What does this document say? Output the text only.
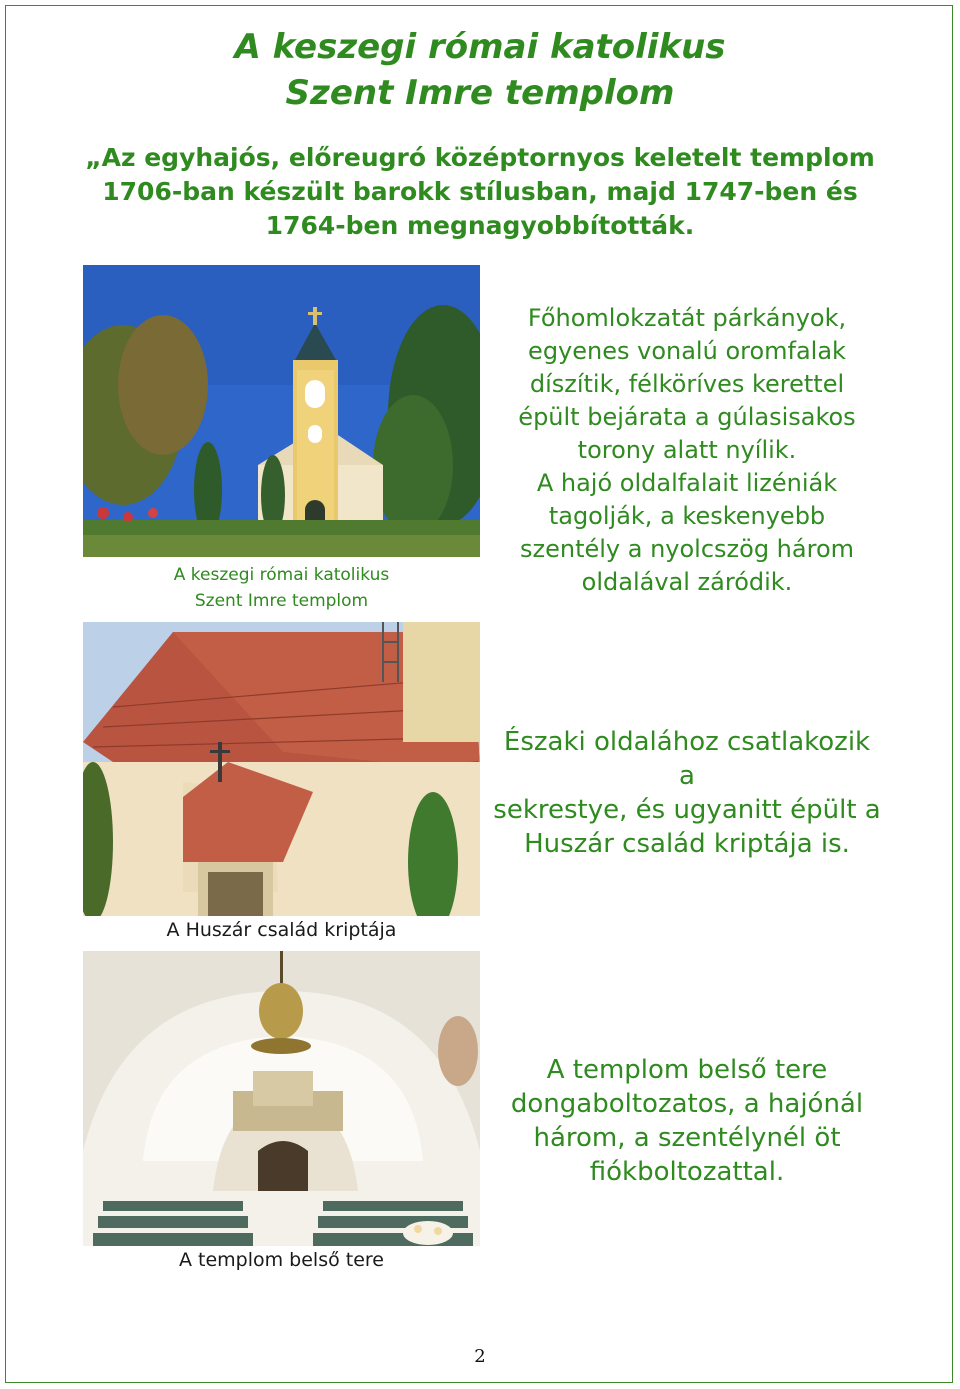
A keszegi római katolikus
Szent Imre templom
„Az egyhajós, előreugró középtornyos keletelt templom
1706-ban készült barokk stílusban, majd 1747-ben és
1764-ben megnagyobbították.
A keszegi római katolikus
Szent Imre templom
Főhomlokzatát párkányok,
egyenes vonalú oromfalak
díszítik, félköríves kerettel
épült bejárata a gúlasisakos
torony alatt nyílik.
A hajó oldalfalait lizéniák
tagolják, a keskenyebb
szentély a nyolcszög három
oldalával záródik.
Északi oldalához csatlakozik a
sekrestye, és ugyanitt épült a
Huszár család kriptája is.
A Huszár család kriptája
A templom belső tere
dongaboltozatos, a hajónál
három, a szentélynél öt
fiókboltozattal.
A templom belső tere
2
